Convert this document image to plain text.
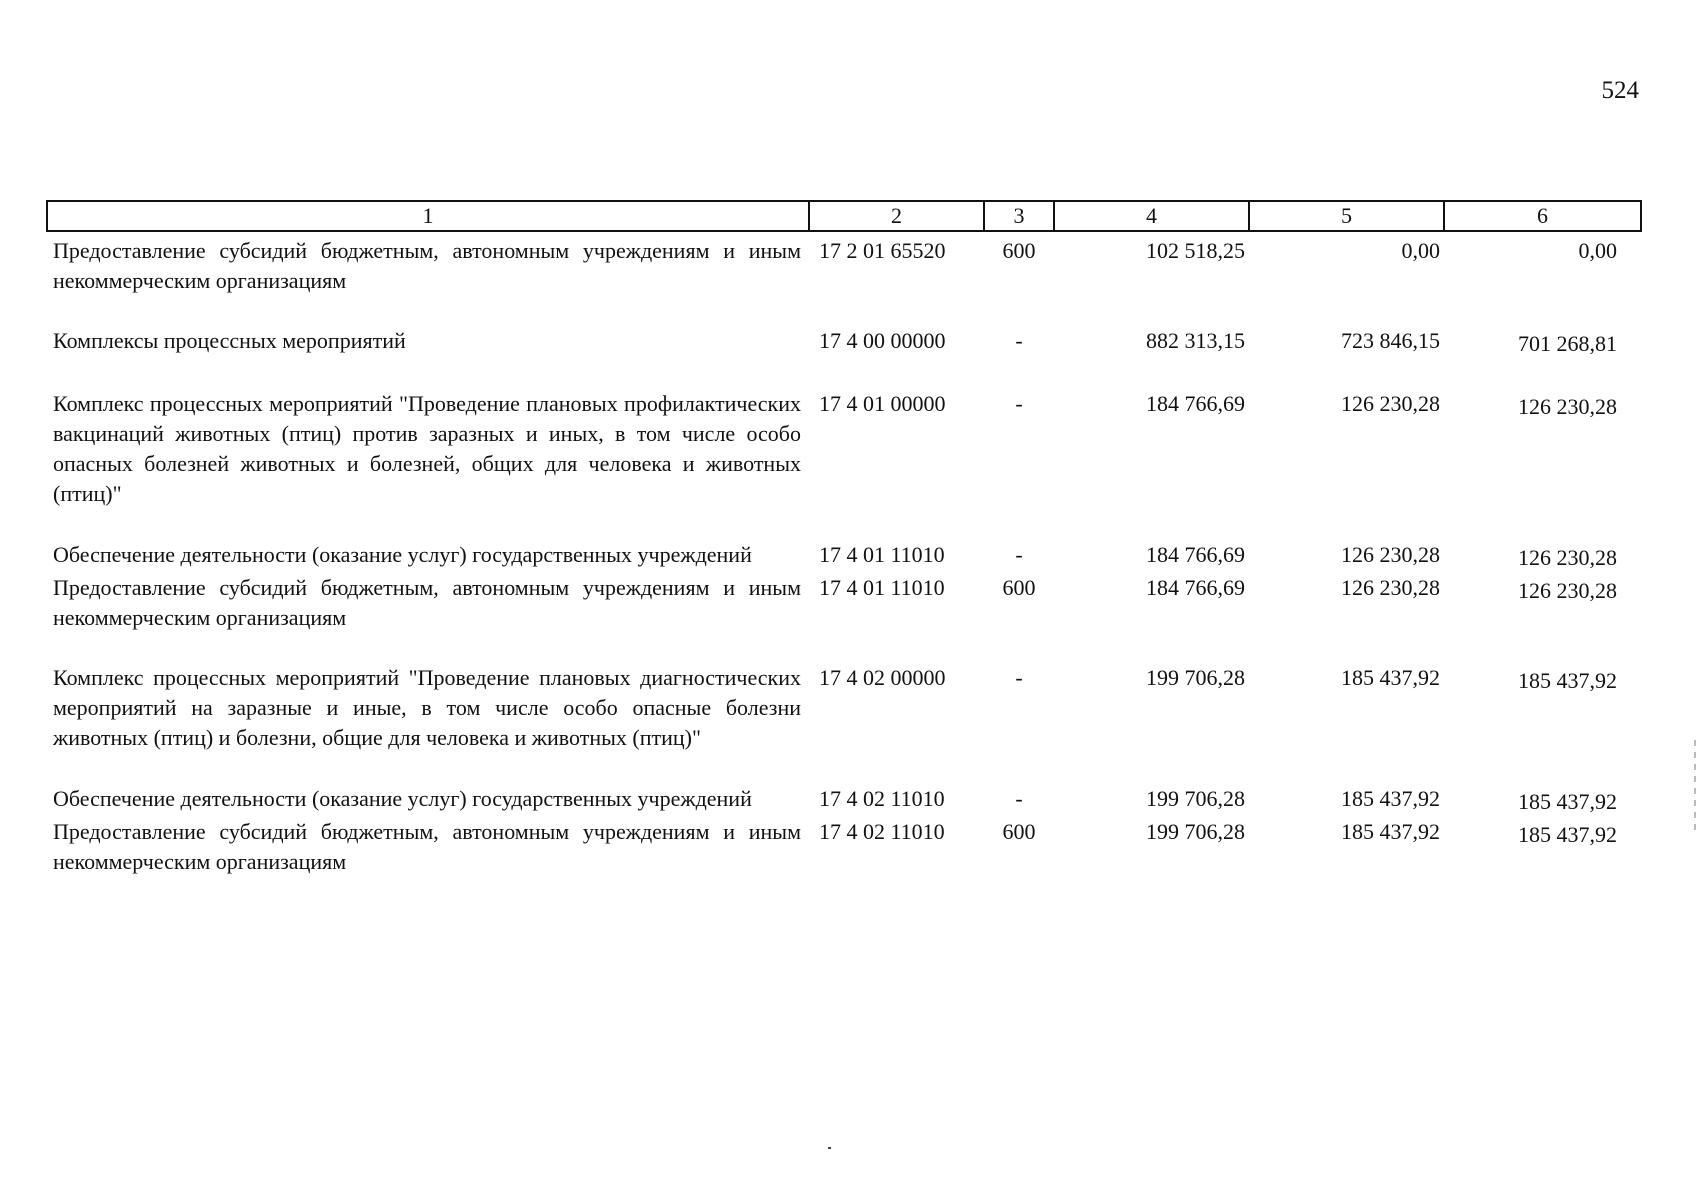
524
1	2	3	4	5	6
Предоставление субсидий бюджетным, автономным учреждениям и иным некоммерческим организациям	17 2 01 65520	600	102 518,25	0,00	0,00
Комплексы процессных мероприятий	17 4 00 00000	-	882 313,15	723 846,15	701 268,81
Комплекс процессных мероприятий "Проведение плановых профилактических вакцинаций животных (птиц) против заразных и иных, в том числе особо опасных болезней животных и болезней, общих для человека и животных (птиц)"	17 4 01 00000	-	184 766,69	126 230,28	126 230,28
Обеспечение деятельности (оказание услуг) государственных учреждений	17 4 01 11010	-	184 766,69	126 230,28	126 230,28
Предоставление субсидий бюджетным, автономным учреждениям и иным некоммерческим организациям	17 4 01 11010	600	184 766,69	126 230,28	126 230,28
Комплекс процессных мероприятий "Проведение плановых диагностических мероприятий на заразные и иные, в том числе особо опасные болезни животных (птиц) и болезни, общие для человека и животных (птиц)"	17 4 02 00000	-	199 706,28	185 437,92	185 437,92
Обеспечение деятельности (оказание услуг) государственных учреждений	17 4 02 11010	-	199 706,28	185 437,92	185 437,92
Предоставление субсидий бюджетным, автономным учреждениям и иным некоммерческим организациям	17 4 02 11010	600	199 706,28	185 437,92	185 437,92
